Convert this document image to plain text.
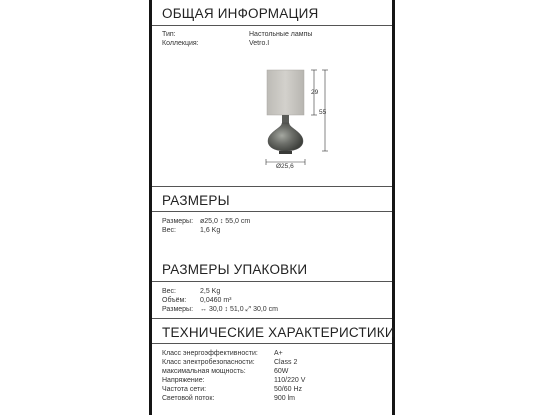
ОБЩАЯ ИНФОРМАЦИЯ
Тип:	Настольные лампы
Коллекция:	Vetro.I
29
55
Ø25,6
РАЗМЕРЫ
Размеры: ø25,0 ↕ 55,0 cm
Вес:	1,6 Kg
РАЗМЕРЫ УПАКОВКИ
Вес:	2,5 Kg
Объём: 0,0460 m³
Размеры: ↔ 30,0 ↕ 51,0 ⤢ 30,0 cm
ТЕХНИЧЕСКИЕ ХАРАКТЕРИСТИКИ
Класс энергоэффективности: A+
Класс электробезопасности:	Class 2
максимальная мощность:	60W
Напряжение:	110/220 V
Частота сети:	50/60 Hz
Световой поток:	900 lm
